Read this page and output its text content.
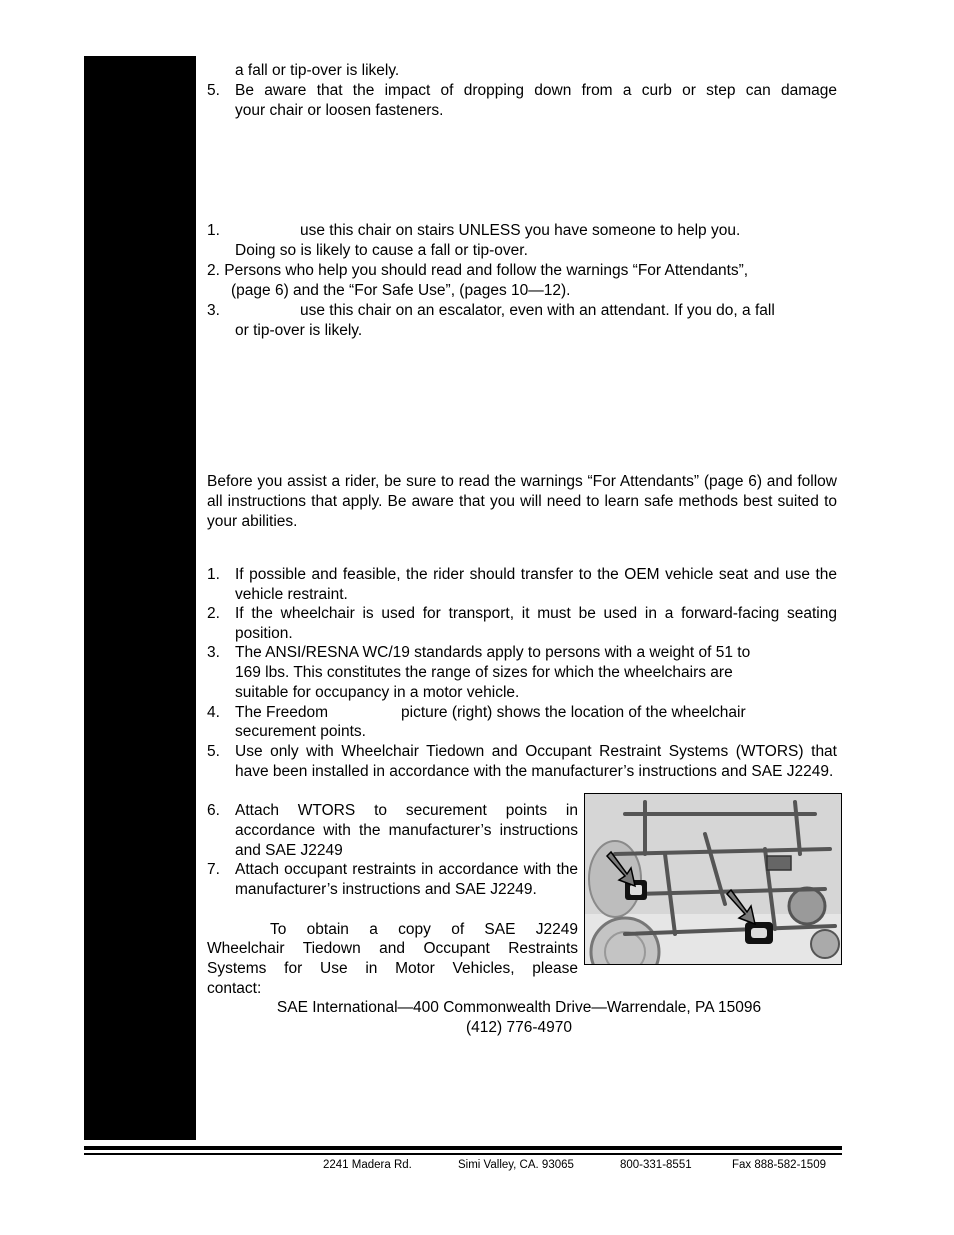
a fall or tip-over is likely.
5. Be aware that the impact of dropping down from a curb or step can damage
your chair or loosen fasteners.
1.	use this chair on stairs UNLESS you have someone to help you.
Doing so is likely to cause a fall or tip-over.
2. Persons who help you should read and follow the warnings “For Attendants”,
(page 6) and the “For Safe Use”, (pages 10—12).
3.	use this chair on an escalator, even with an attendant. If you do, a fall
or tip-over is likely.
Before you assist a rider, be sure to read the warnings “For Attendants” (page 6) and follow all instructions that apply. Be aware that you will need to learn safe methods best suited to your abilities.
1. If possible and feasible, the rider should transfer to the OEM vehicle seat and use the vehicle restraint.
2. If the wheelchair is used for transport, it must be used in a forward-facing seating position.
3. The ANSI/RESNA WC/19 standards apply to persons with a weight of 51 to
169 lbs. This constitutes the range of sizes for which the wheelchairs are
suitable for occupancy in a motor vehicle.
4. The Freedom	picture (right) shows the location of the wheelchair
securement points.
5. Use only with Wheelchair Tiedown and Occupant Restraint Systems (WTORS) that have been installed in accordance with the manufacturer’s instructions and SAE J2249.
6. Attach WTORS to securement points in accordance with the manufacturer’s instructions and SAE J2249
7. Attach occupant restraints in accordance with the manufacturer’s instructions and SAE J2249.
To obtain a copy of SAE J2249
Wheelchair Tiedown and Occupant Restraints
Systems for Use in Motor Vehicles, please
contact:
SAE International—400 Commonwealth Drive—Warrendale, PA 15096
(412) 776-4970
2241 Madera Rd.	Simi Valley, CA. 93065	800-331-8551	Fax 888-582-1509
